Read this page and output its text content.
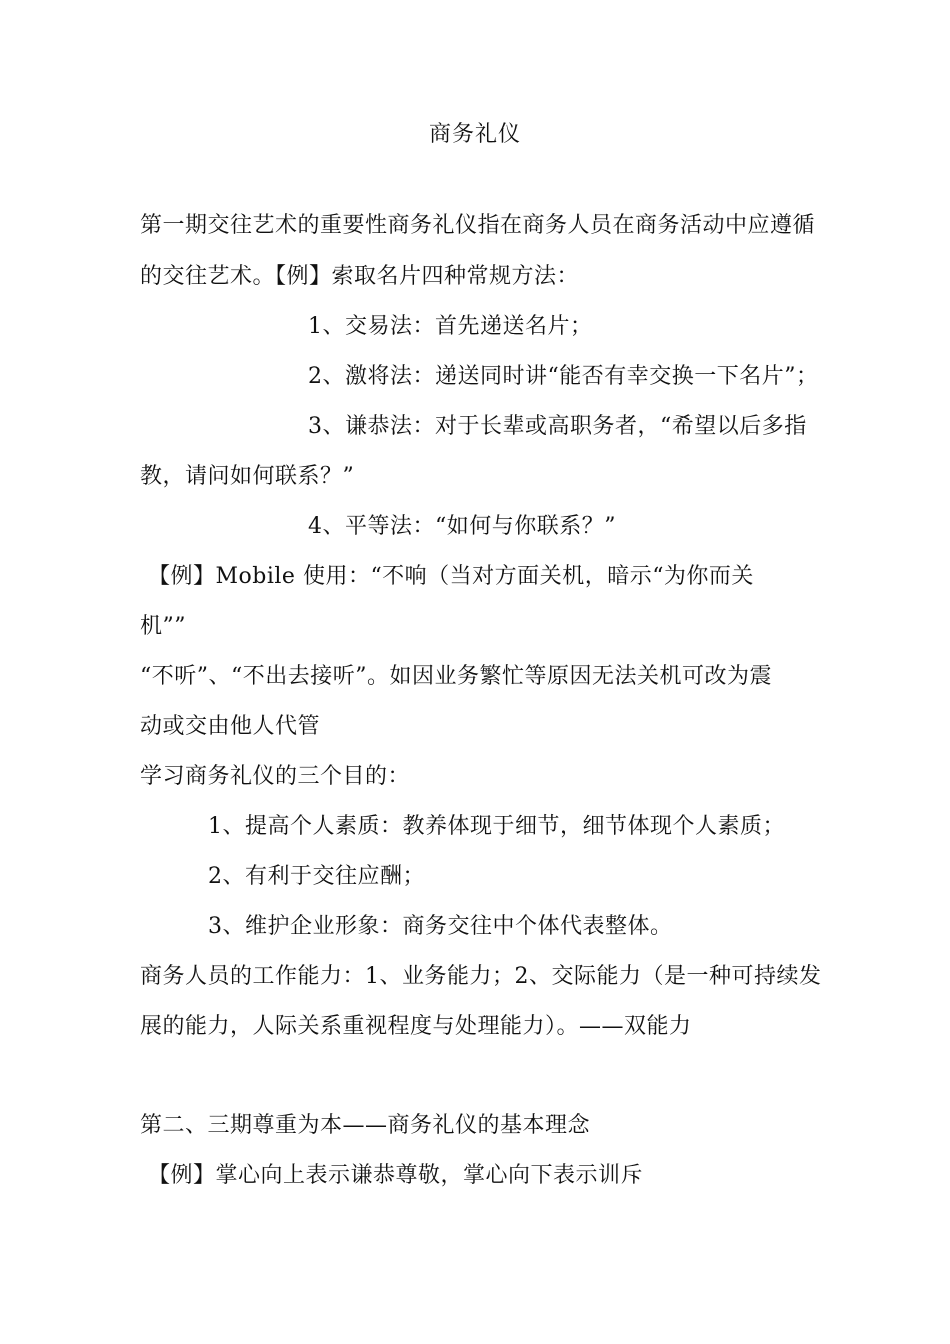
商务礼仪
第一期交往艺术的重要性商务礼仪指在商务人员在商务活动中应遵循
的交往艺术。【例】索取名片四种常规方法：
1、交易法：首先递送名片；
2、激将法：递送同时讲“能否有幸交换一下名片”；
3、谦恭法：对于长辈或高职务者，“希望以后多指
教，请问如何联系？”
4、平等法：“如何与你联系？”
【例】Mobile 使用：“不响（当对方面关机，暗示“为你而关
机””
“不听”、“不出去接听”。如因业务繁忙等原因无法关机可改为震
动或交由他人代管
学习商务礼仪的三个目的：
1、提高个人素质：教养体现于细节，细节体现个人素质；
2、有利于交往应酬；
3、维护企业形象：商务交往中个体代表整体。
商务人员的工作能力：1、业务能力；2、交际能力（是一种可持续发
展的能力，人际关系重视程度与处理能力）。——双能力
第二、三期尊重为本——商务礼仪的基本理念
【例】掌心向上表示谦恭尊敬，掌心向下表示训斥
